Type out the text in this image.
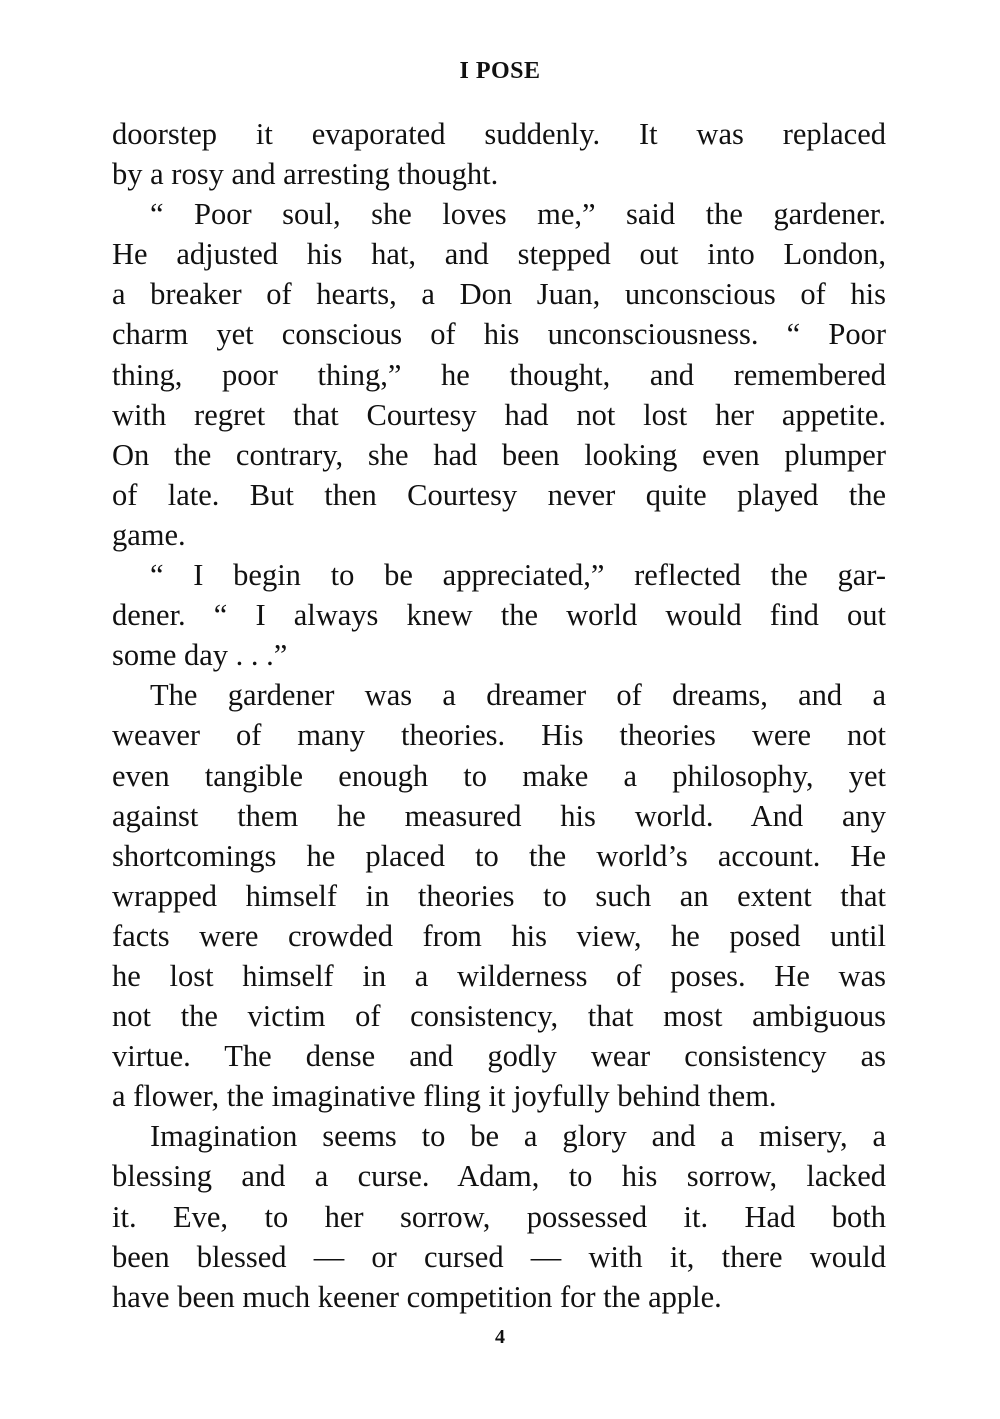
I POSE
doorstep it evaporated suddenly. It was replaced
by a rosy and arresting thought.
“ Poor soul, she loves me,” said the gardener.
He adjusted his hat, and stepped out into London,
a breaker of hearts, a Don Juan, unconscious of his
charm yet conscious of his unconsciousness. “ Poor
thing, poor thing,” he thought, and remembered
with regret that Courtesy had not lost her appetite.
On the contrary, she had been looking even plumper
of late. But then Courtesy never quite played the
game.
“ I begin to be appreciated,” reflected the gar-
dener. “ I always knew the world would find out
some day . . .”
The gardener was a dreamer of dreams, and a
weaver of many theories. His theories were not
even tangible enough to make a philosophy, yet
against them he measured his world. And any
shortcomings he placed to the world’s account. He
wrapped himself in theories to such an extent that
facts were crowded from his view, he posed until
he lost himself in a wilderness of poses. He was
not the victim of consistency, that most ambiguous
virtue. The dense and godly wear consistency as
a flower, the imaginative fling it joyfully behind them.
Imagination seems to be a glory and a misery, a
blessing and a curse. Adam, to his sorrow, lacked
it. Eve, to her sorrow, possessed it. Had both
been blessed — or cursed — with it, there would
have been much keener competition for the apple.
4
